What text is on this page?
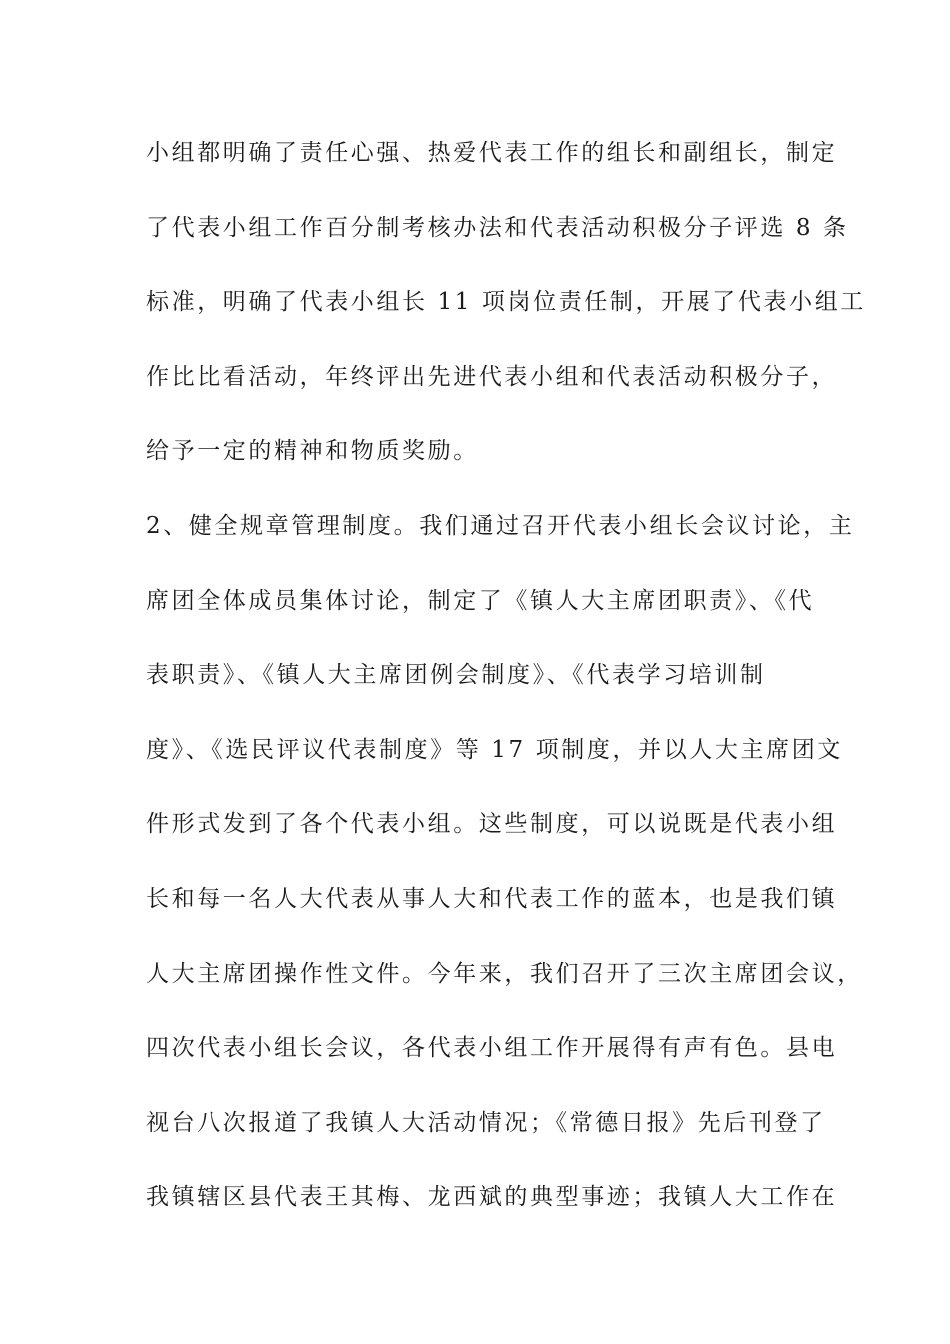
小组都明确了责任心强、热爱代表工作的组长和副组长，制定
了代表小组工作百分制考核办法和代表活动积极分子评选 8 条
标准，明确了代表小组长 11 项岗位责任制，开展了代表小组工
作比比看活动，年终评出先进代表小组和代表活动积极分子，
给予一定的精神和物质奖励。
2、健全规章管理制度。我们通过召开代表小组长会议讨论，主
席团全体成员集体讨论，制定了《镇人大主席团职责》、《代
表职责》、《镇人大主席团例会制度》、《代表学习培训制
度》、《选民评议代表制度》等 17 项制度，并以人大主席团文
件形式发到了各个代表小组。这些制度，可以说既是代表小组
长和每一名人大代表从事人大和代表工作的蓝本，也是我们镇
人大主席团操作性文件。今年来，我们召开了三次主席团会议，
四次代表小组长会议，各代表小组工作开展得有声有色。县电
视台八次报道了我镇人大活动情况；《常德日报》先后刊登了
我镇辖区县代表王其梅、龙西斌的典型事迹；我镇人大工作在
